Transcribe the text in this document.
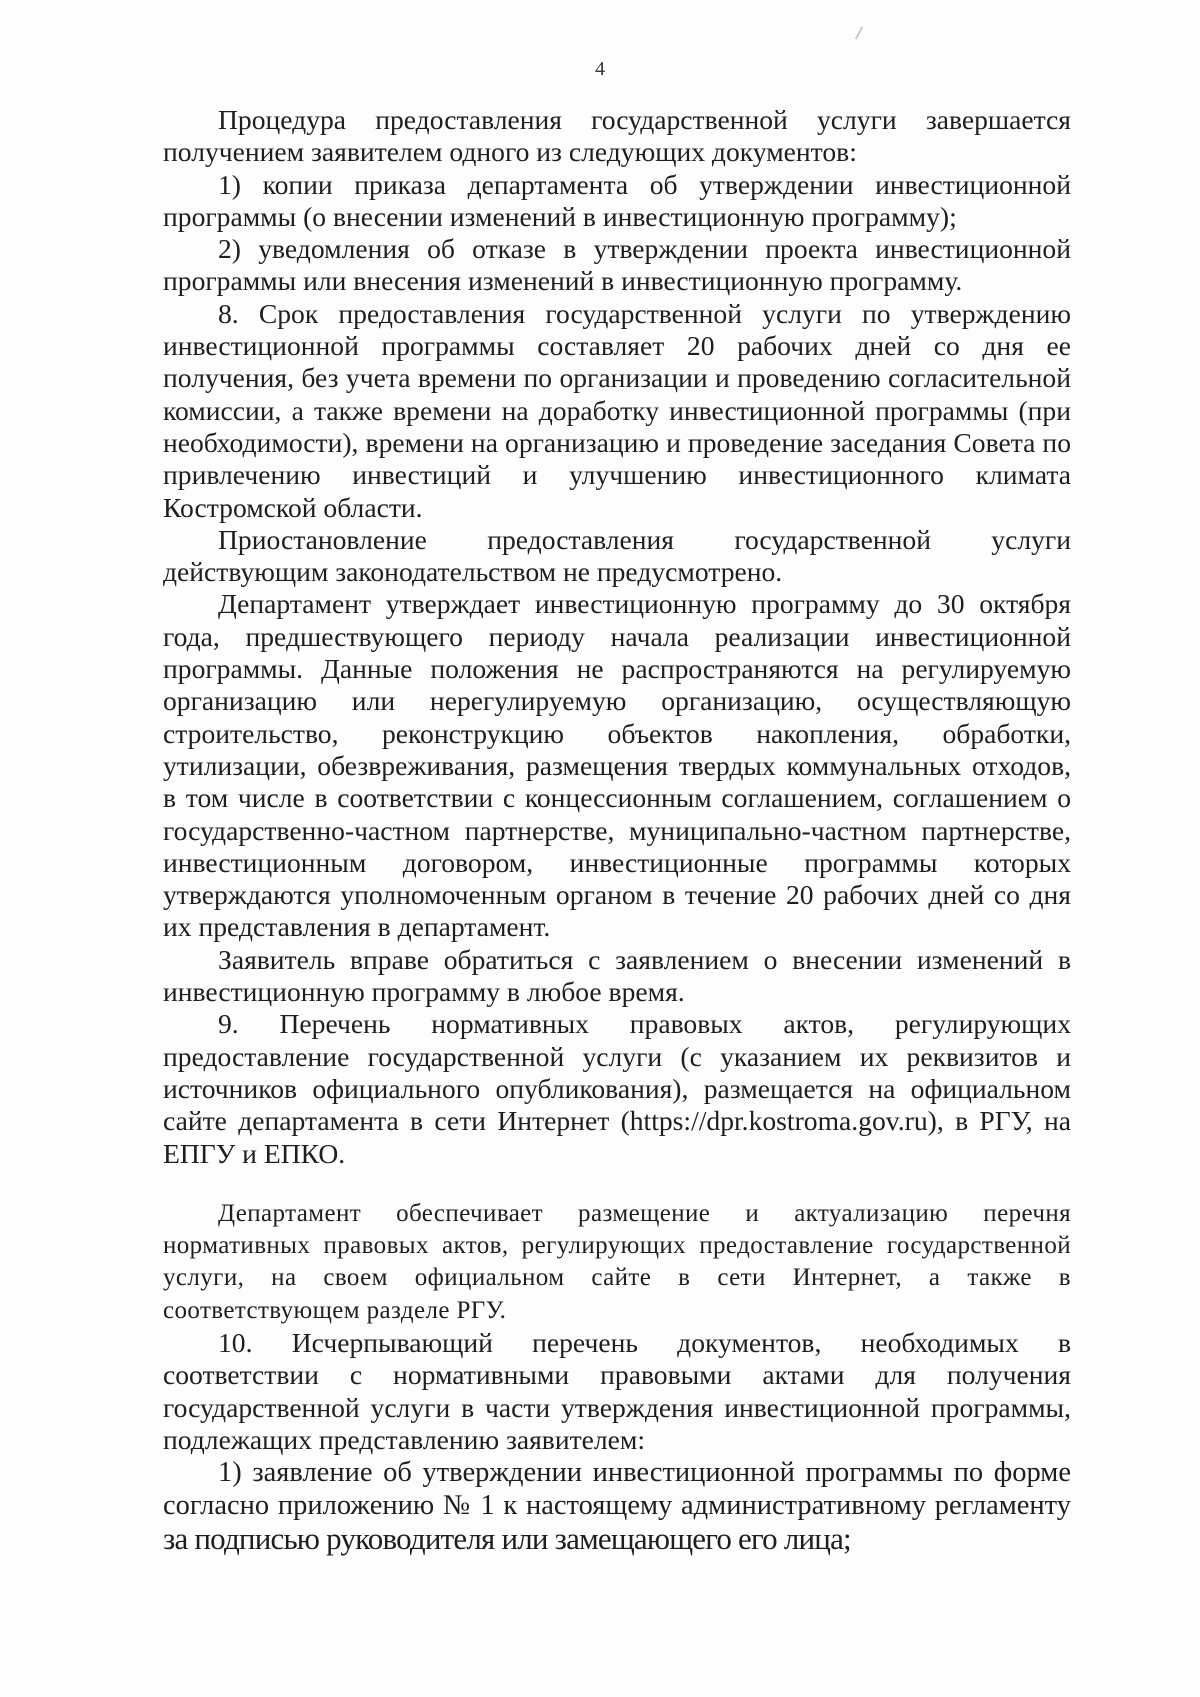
4

Процедура предоставления государственной услуги завершается получением заявителем одного из следующих документов:

1) копии приказа департамента об утверждении инвестиционной программы (о внесении изменений в инвестиционную программу);

2) уведомления об отказе в утверждении проекта инвестиционной программы или внесения изменений в инвестиционную программу.

8. Срок предоставления государственной услуги по утверждению инвестиционной программы составляет 20 рабочих дней со дня ее получения, без учета времени по организации и проведению согласительной комиссии, а также времени на доработку инвестиционной программы (при необходимости), времени на организацию и проведение заседания Совета по привлечению инвестиций и улучшению инвестиционного климата Костромской области.

Приостановление предоставления государственной услуги действующим законодательством не предусмотрено.

Департамент утверждает инвестиционную программу до 30 октября года, предшествующего периоду начала реализации инвестиционной программы. Данные положения не распространяются на регулируемую организацию или нерегулируемую организацию, осуществляющую строительство, реконструкцию объектов накопления, обработки, утилизации, обезвреживания, размещения твердых коммунальных отходов, в том числе в соответствии с концессионным соглашением, соглашением о государственно-частном партнерстве, муниципально-частном партнерстве, инвестиционным договором, инвестиционные программы которых утверждаются уполномоченным органом в течение 20 рабочих дней со дня их представления в департамент.

Заявитель вправе обратиться с заявлением о внесении изменений в инвестиционную программу в любое время.

9. Перечень нормативных правовых актов, регулирующих предоставление государственной услуги (с указанием их реквизитов и источников официального опубликования), размещается на официальном сайте департамента в сети Интернет (https://dpr.kostroma.gov.ru), в РГУ, на ЕПГУ и ЕПКО.

Департамент обеспечивает размещение и актуализацию перечня нормативных правовых актов, регулирующих предоставление государственной услуги, на своем официальном сайте в сети Интернет, а также в соответствующем разделе РГУ.

10. Исчерпывающий перечень документов, необходимых в соответствии с нормативными правовыми актами для получения государственной услуги в части утверждения инвестиционной программы, подлежащих представлению заявителем:

1) заявление об утверждении инвестиционной программы по форме согласно приложению № 1 к настоящему административному регламенту за подписью руководителя или замещающего его лица;
